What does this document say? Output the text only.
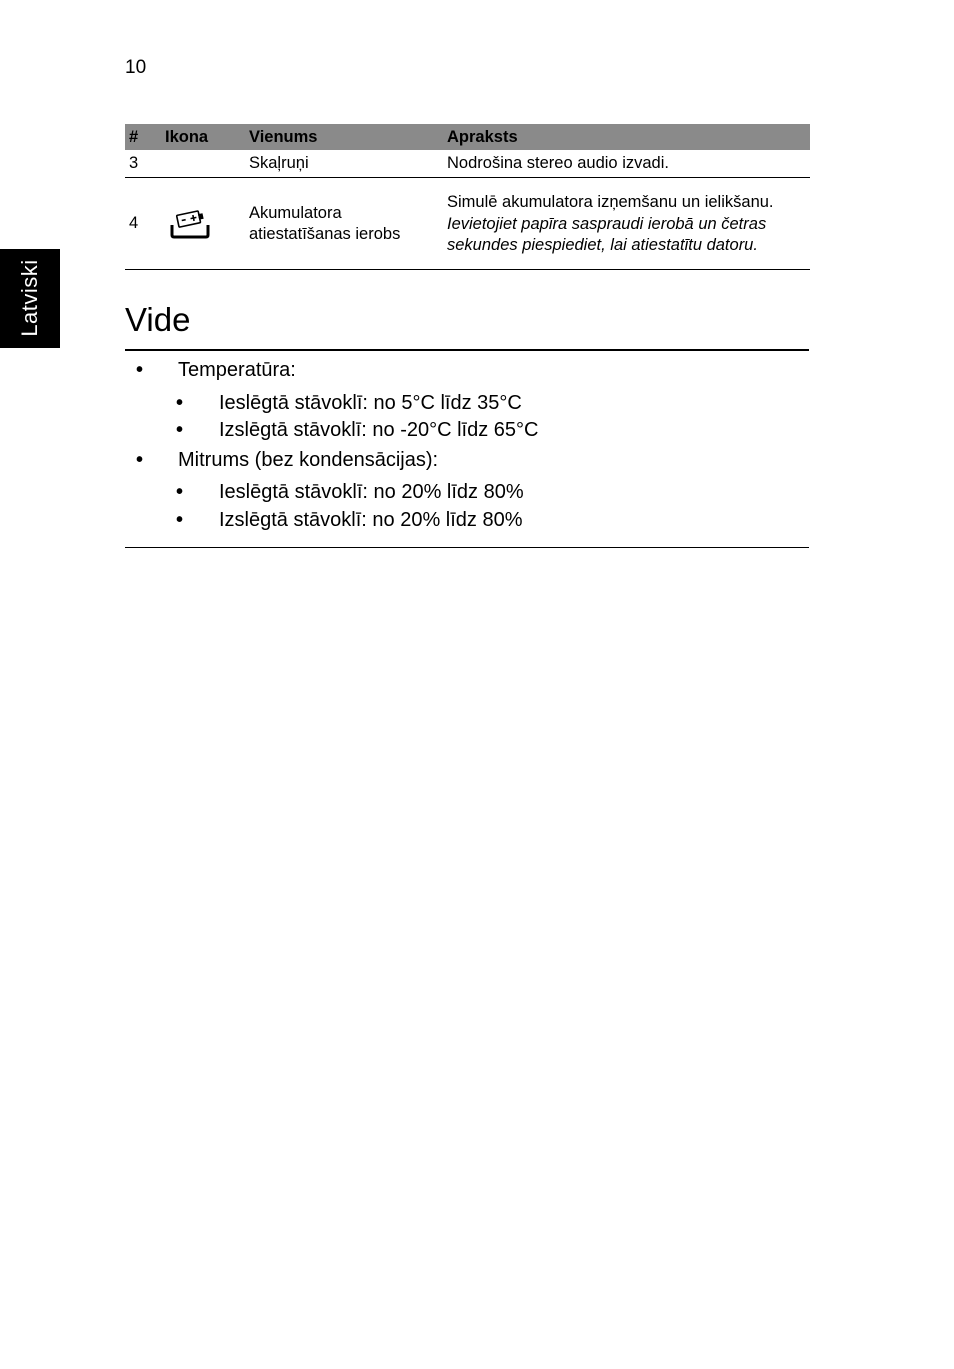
10
Latviski
#	Ikona	Vienums	Apraksts
3		Skaļruņi	Nodrošina stereo audio izvadi.

4		Akumulatora atiestatīšanas ierobs	Simulē akumulatora izņemšanu un ielikšanu.
Ievietojiet papīra saspraudi ierobā un četras sekundes piespiediet, lai atiestatītu datoru.
Vide
• Temperatūra:
• Ieslēgtā stāvoklī: no 5°C līdz 35°C
• Izslēgtā stāvoklī: no -20°C līdz 65°C
• Mitrums (bez kondensācijas):
• Ieslēgtā stāvoklī: no 20% līdz 80%
• Izslēgtā stāvoklī: no 20% līdz 80%
